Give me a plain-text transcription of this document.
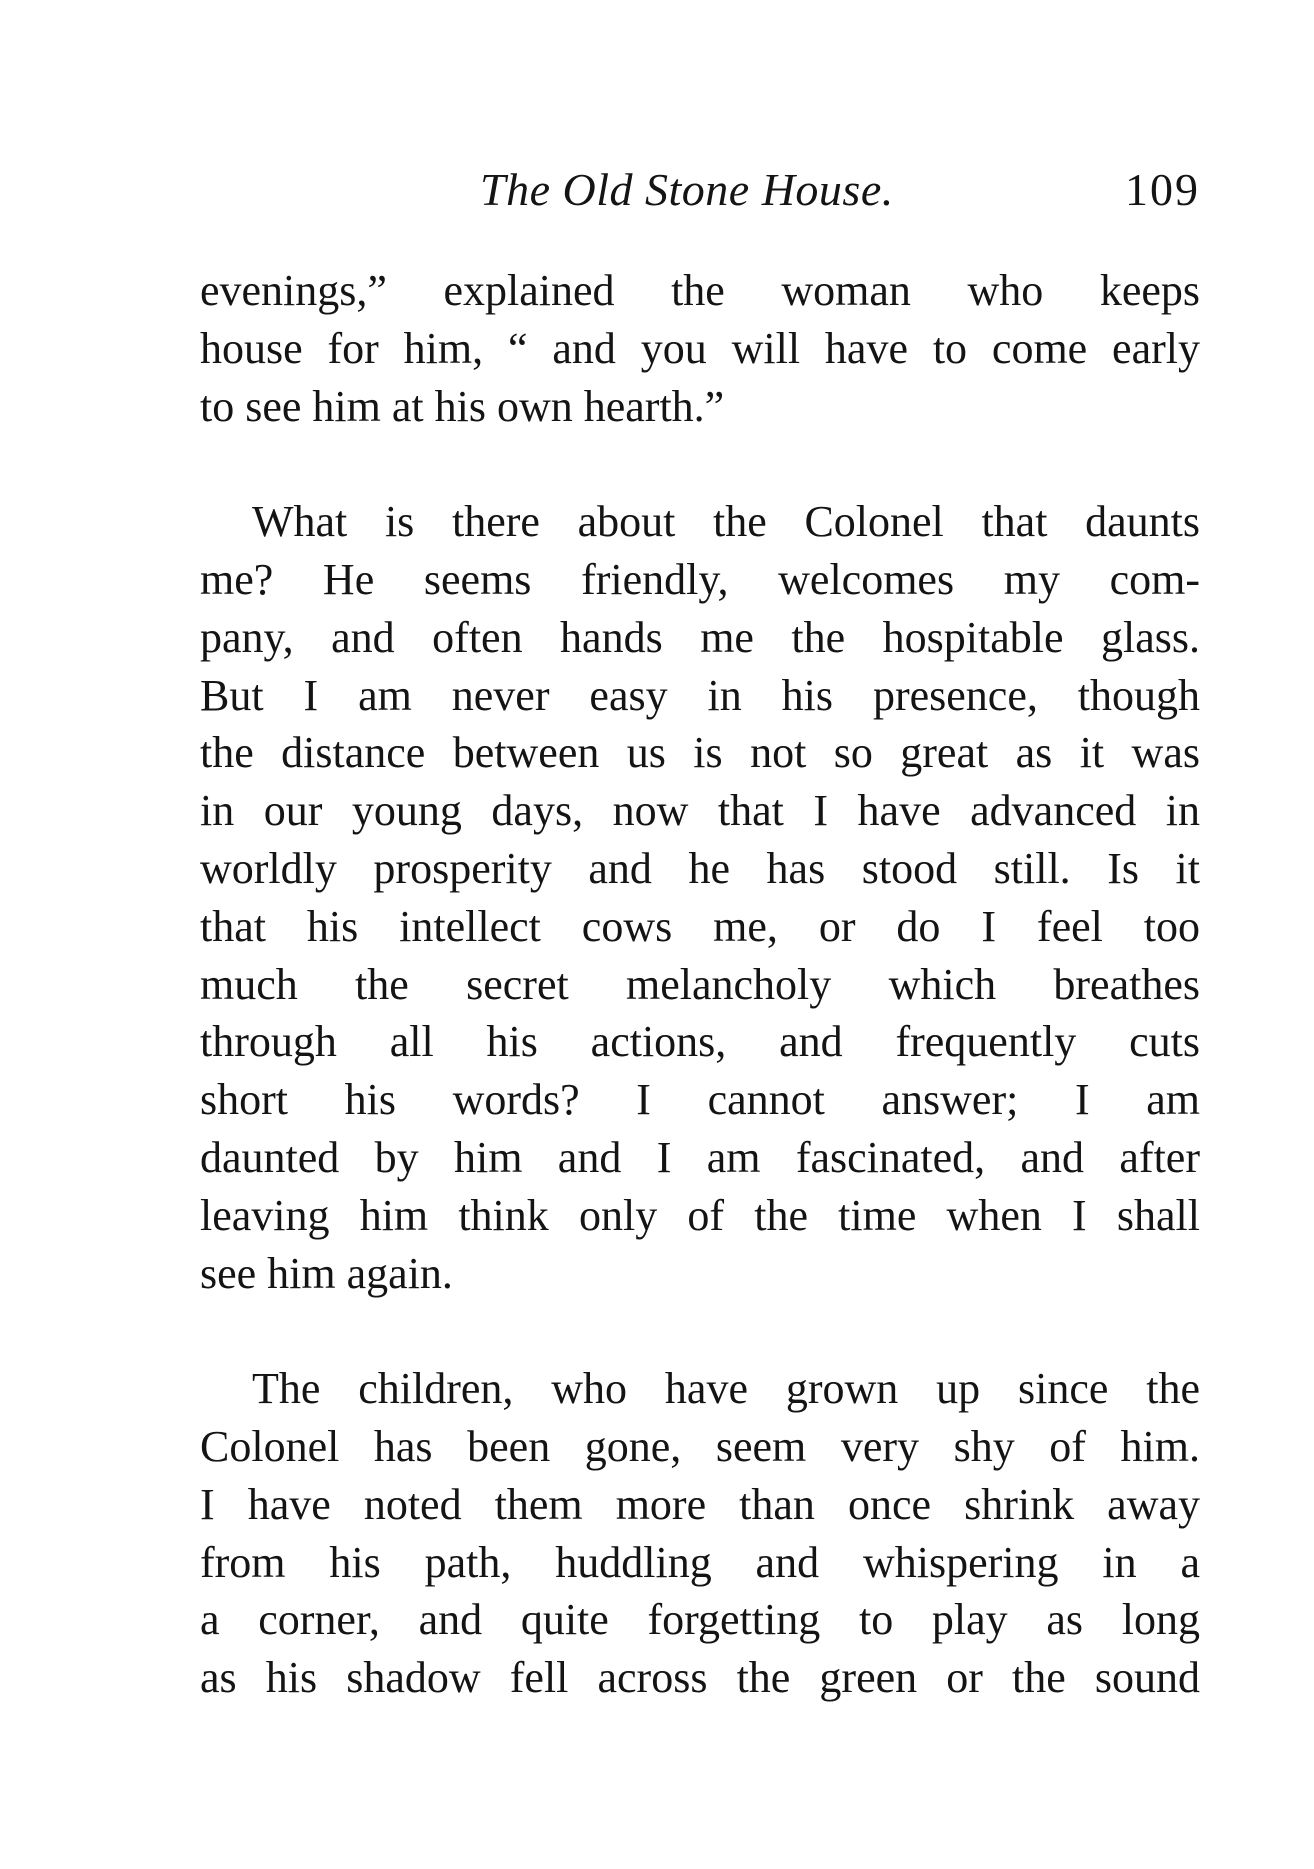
The Old Stone House.	109

evenings,” explained the woman who keeps
house for him, “ and you will have to come early
to see him at his own hearth.”

What is there about the Colonel that daunts
me? He seems friendly, welcomes my com-
pany, and often hands me the hospitable glass.
But I am never easy in his presence, though
the distance between us is not so great as it was
in our young days, now that I have advanced in
worldly prosperity and he has stood still. Is it
that his intellect cows me, or do I feel too
much the secret melancholy which breathes
through all his actions, and frequently cuts
short his words? I cannot answer; I am
daunted by him and I am fascinated, and after
leaving him think only of the time when I shall
see him again.

The children, who have grown up since the
Colonel has been gone, seem very shy of him.
I have noted them more than once shrink away
from his path, huddling and whispering in a
a corner, and quite forgetting to play as long
as his shadow fell across the green or the sound
